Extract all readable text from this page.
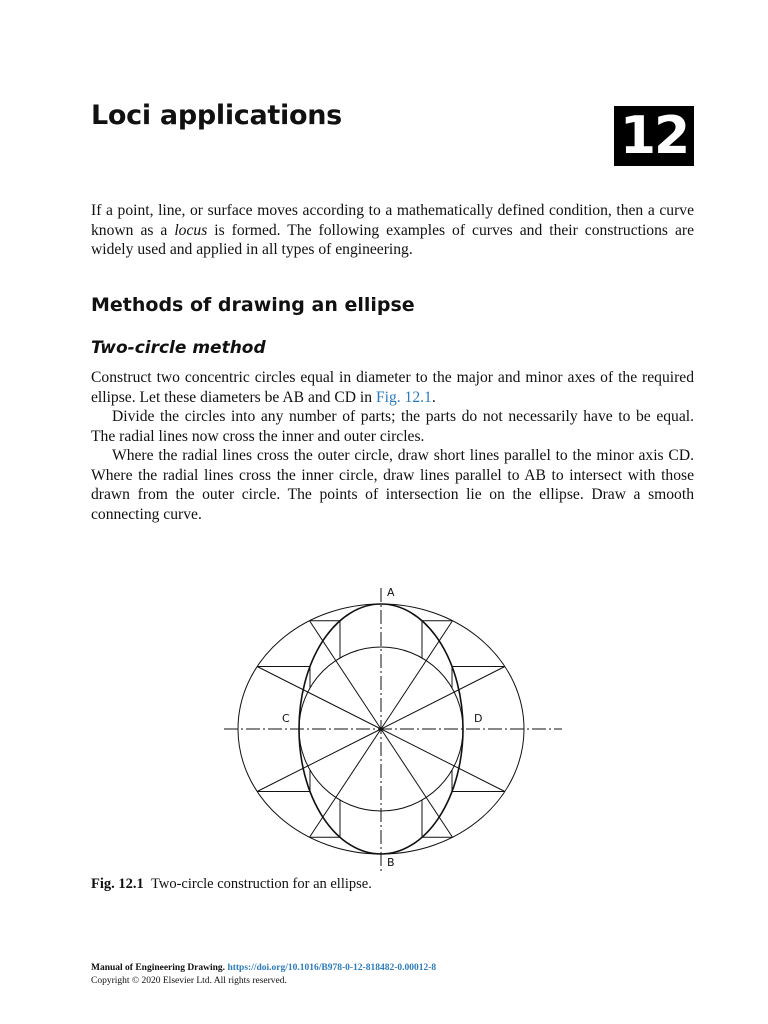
Loci applications	12

If a point, line, or surface moves according to a mathematically defined condition, then a curve known as a locus is formed. The following examples of curves and their constructions are widely used and applied in all types of engineering.

Methods of drawing an ellipse
Two-circle method

Construct two concentric circles equal in diameter to the major and minor axes of the required ellipse. Let these diameters be AB and CD in Fig. 12.1.

Divide the circles into any number of parts; the parts do not necessarily have to be equal. The radial lines now cross the inner and outer circles.

Where the radial lines cross the outer circle, draw short lines parallel to the minor axis CD. Where the radial lines cross the inner circle, draw lines parallel to AB to intersect with those drawn from the outer circle. The points of intersection lie on the ellipse. Draw a smooth connecting curve.

A
B
C	D
Fig. 12.1 Two-circle construction for an ellipse.
Manual of Engineering Drawing. https://doi.org/10.1016/B978-0-12-818482-0.00012-8
Copyright © 2020 Elsevier Ltd. All rights reserved.
